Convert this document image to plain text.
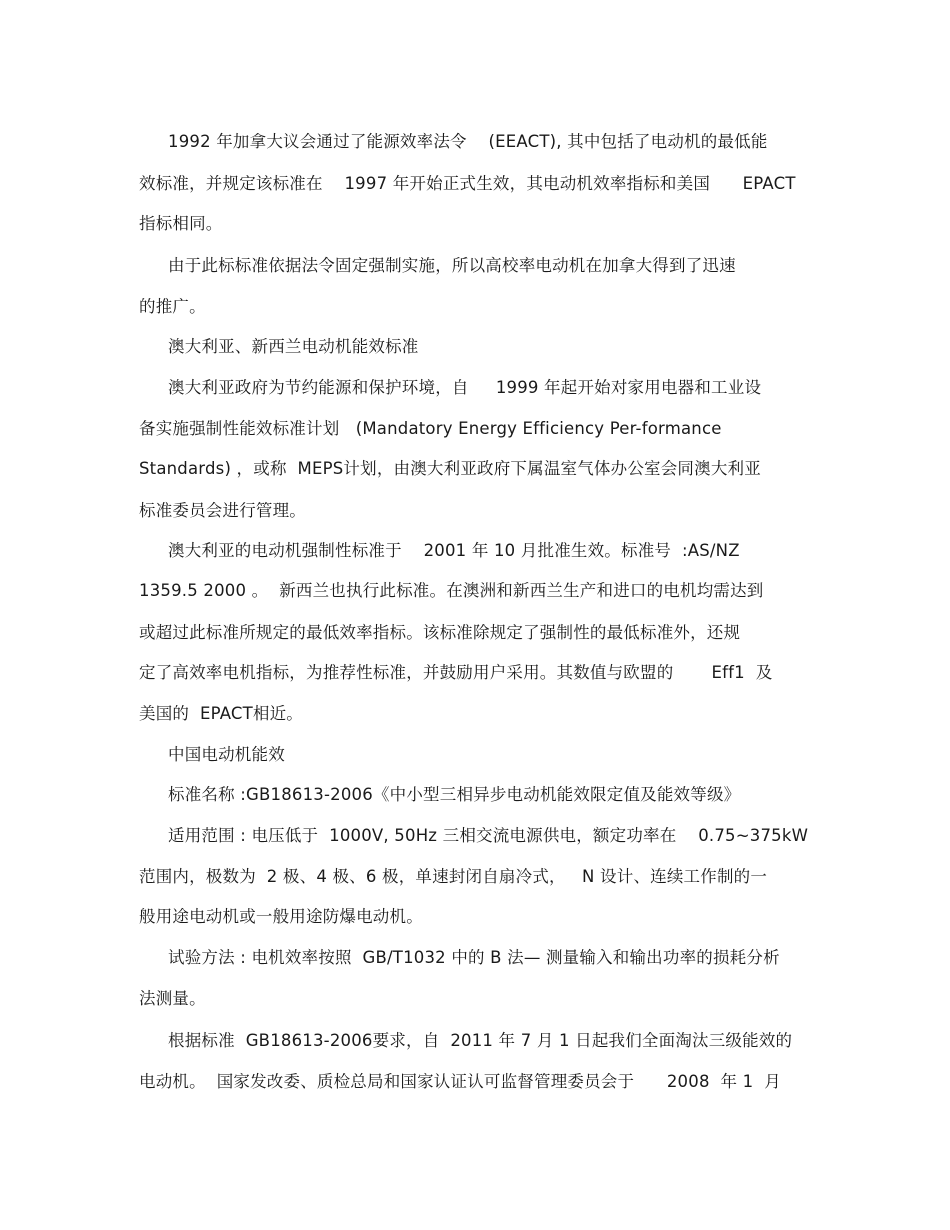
1992 年加拿大议会通过了能源效率法令    (EEACT), 其中包括了电动机的最低能
效标准，并规定该标准在    1997 年开始正式生效，其电动机效率指标和美国      EPACT
指标相同。
由于此标标准依据法令固定强制实施，所以高校率电动机在加拿大得到了迅速
的推广。
澳大利亚、新西兰电动机能效标准
澳大利亚政府为节约能源和保护环境，自     1999 年起开始对家用电器和工业设
备实施强制性能效标准计划   (Mandatory Energy Efficiency Per-formance
Standards) ，或称  MEPS计划，由澳大利亚政府下属温室气体办公室会同澳大利亚
标准委员会进行管理。
澳大利亚的电动机强制性标准于    2001 年 10 月批准生效。标准号  :AS/NZ
1359.5 2000 。  新西兰也执行此标准。在澳洲和新西兰生产和进口的电机均需达到
或超过此标准所规定的最低效率指标。该标准除规定了强制性的最低标准外，还规
定了高效率电机指标，为推荐性标准，并鼓励用户采用。其数值与欧盟的       Eff1  及
美国的  EPACT相近。
中国电动机能效
标准名称 :GB18613-2006《中小型三相异步电动机能效限定值及能效等级》
适用范围 : 电压低于  1000V, 50Hz 三相交流电源供电，额定功率在    0.75~375kW
范围内，极数为  2 极、4 极、6 极，单速封闭自扇冷式，   N 设计、连续工作制的一
般用途电动机或一般用途防爆电动机。
试验方法 : 电机效率按照  GB/T1032 中的 B 法— 测量输入和输出功率的损耗分析
法测量。
根据标准  GB18613-2006要求，自  2011 年 7 月 1 日起我们全面淘汰三级能效的
电动机。  国家发改委、质检总局和国家认证认可监督管理委员会于      2008  年 1  月
